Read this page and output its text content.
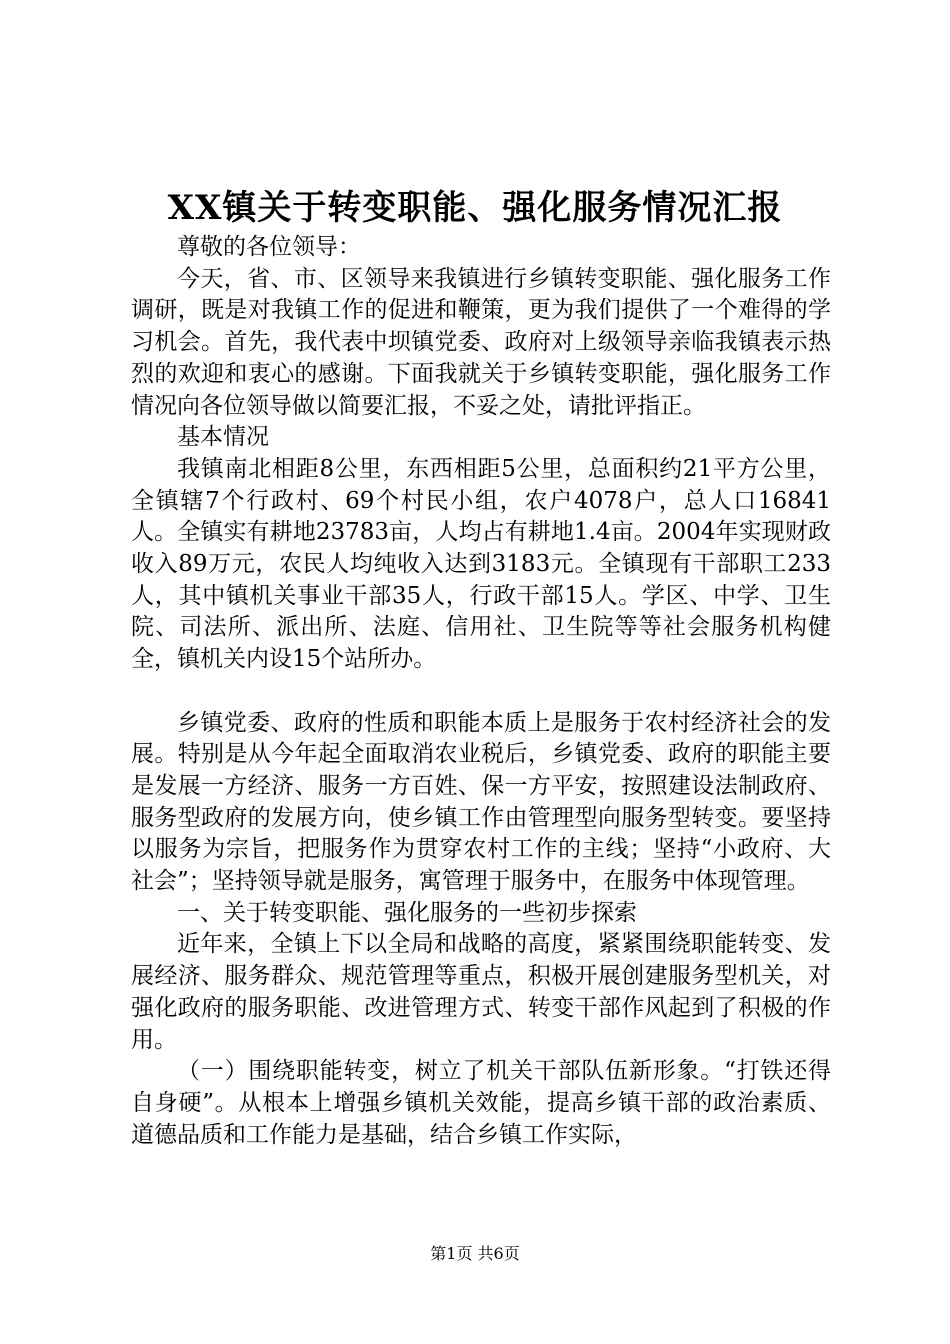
XX镇关于转变职能、强化服务情况汇报

尊敬的各位领导：

今天，省、市、区领导来我镇进行乡镇转变职能、强化服务工作调研，既是对我镇工作的促进和鞭策，更为我们提供了一个难得的学习机会。首先，我代表中坝镇党委、政府对上级领导亲临我镇表示热烈的欢迎和衷心的感谢。下面我就关于乡镇转变职能，强化服务工作情况向各位领导做以简要汇报，不妥之处，请批评指正。

基本情况

我镇南北相距8公里，东西相距5公里，总面积约21平方公里，全镇辖7个行政村、69个村民小组，农户4078户，总人口16841人。全镇实有耕地23783亩，人均占有耕地1.4亩。2004年实现财政收入89万元，农民人均纯收入达到3183元。全镇现有干部职工233人，其中镇机关事业干部35人，行政干部15人。学区、中学、卫生院、司法所、派出所、法庭、信用社、卫生院等等社会服务机构健全，镇机关内设15个站所办。

乡镇党委、政府的性质和职能本质上是服务于农村经济社会的发展。特别是从今年起全面取消农业税后，乡镇党委、政府的职能主要是发展一方经济、服务一方百姓、保一方平安，按照建设法制政府、服务型政府的发展方向，使乡镇工作由管理型向服务型转变。要坚持以服务为宗旨，把服务作为贯穿农村工作的主线；坚持“小政府、大社会”；坚持领导就是服务，寓管理于服务中，在服务中体现管理。

一、关于转变职能、强化服务的一些初步探索

近年来，全镇上下以全局和战略的高度，紧紧围绕职能转变、发展经济、服务群众、规范管理等重点，积极开展创建服务型机关，对强化政府的服务职能、改进管理方式、转变干部作风起到了积极的作用。

（一）围绕职能转变，树立了机关干部队伍新形象。“打铁还得自身硬”。从根本上增强乡镇机关效能，提高乡镇干部的政治素质、道德品质和工作能力是基础，结合乡镇工作实际，

第1页 共6页
